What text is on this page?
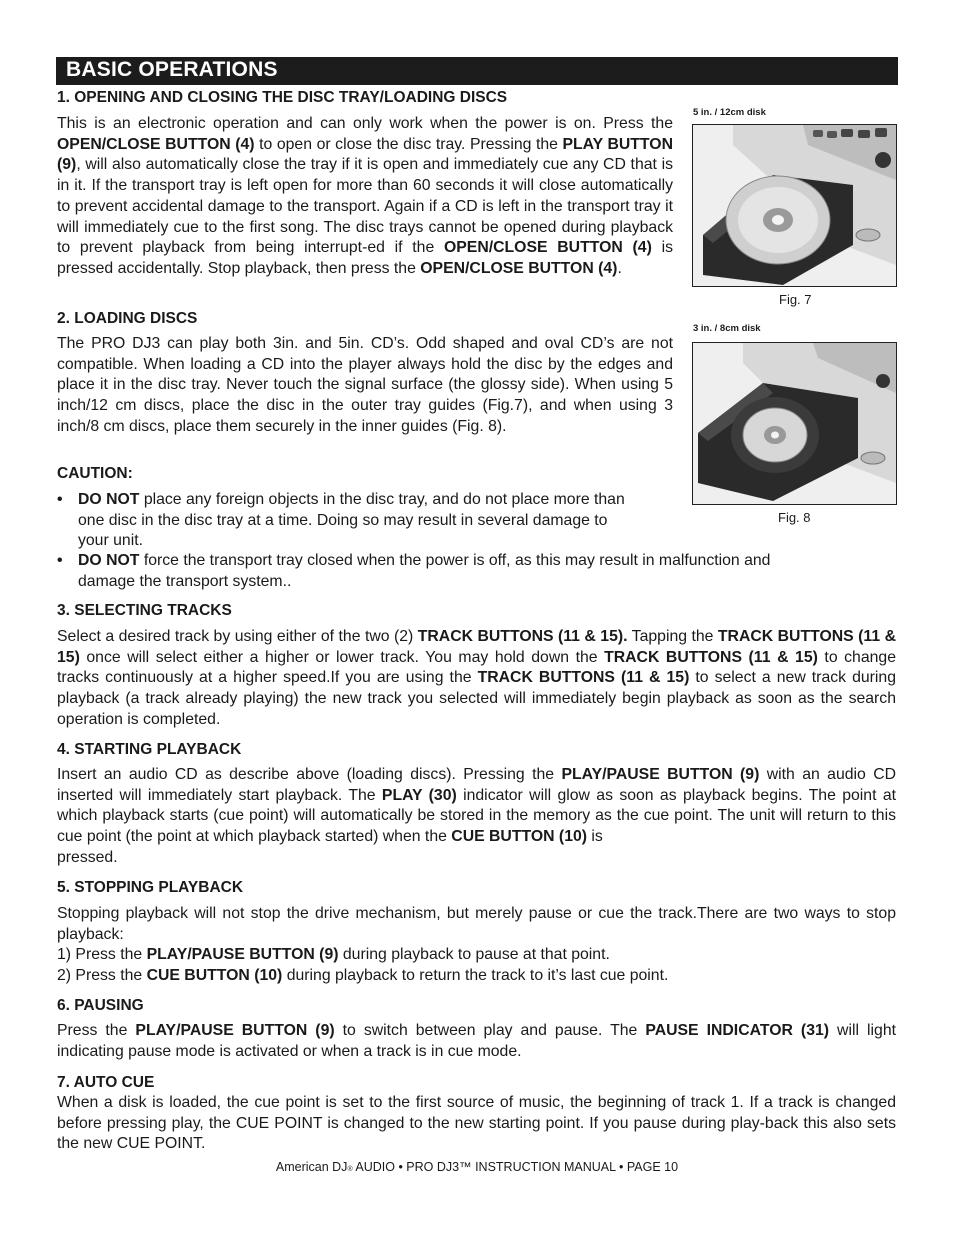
BASIC OPERATIONS
1. OPENING AND CLOSING THE DISC TRAY/LOADING DISCS

This is an electronic operation and can only work when the power is on. Press the OPEN/CLOSE BUTTON (4) to open or close the disc tray. Pressing the PLAY BUTTON (9), will also automatically close the tray if it is open and immediately cue any CD that is in it. If the transport tray is left open for more than 60 seconds it will close automatically to prevent accidental damage to the transport. Again if a CD is left in the transport tray it will immediately cue to the first song. The disc trays cannot be opened during playback to prevent playback from being interrupt-ed if the OPEN/CLOSE BUTTON (4) is pressed accidentally. Stop playback, then press the OPEN/CLOSE BUTTON (4).

2. LOADING DISCS

The PRO DJ3 can play both 3in. and 5in. CD’s. Odd shaped and oval CD’s are not compatible. When loading a CD into the player always hold the disc by the edges and place it in the disc tray. Never touch the signal surface (the glossy side). When using 5 inch/12 cm discs, place the disc in the outer tray guides (Fig.7), and when using 3 inch/8 cm discs, place them securely in the inner guides (Fig. 8).

CAUTION:
• DO NOT place any foreign objects in the disc tray, and do not place more than
one disc in the disc tray at a time. Doing so may result in several damage to
your unit.
• DO NOT force the transport tray closed when the power is off, as this may result in malfunction and
damage the transport system..
3. SELECTING TRACKS

Select a desired track by using either of the two (2) TRACK BUTTONS (11 & 15). Tapping the TRACK BUTTONS (11 & 15) once will select either a higher or lower track. You may hold down the TRACK BUTTONS (11 & 15) to change tracks continuously at a higher speed.If you are using the TRACK BUTTONS (11 & 15) to select a new track during playback (a track already playing) the new track you selected will immediately begin playback as soon as the search operation is completed.

4. STARTING PLAYBACK

Insert an audio CD as describe above (loading discs). Pressing the PLAY/PAUSE BUTTON (9) with an audio CD inserted will immediately start playback. The PLAY (30) indicator will glow as soon as playback begins. The point at which playback starts (cue point) will automatically be stored in the memory as the cue point. The unit will return to this cue point (the point at which playback started) when the CUE BUTTON (10) is
pressed.

5. STOPPING PLAYBACK

Stopping playback will not stop the drive mechanism, but merely pause or cue the track.There are two ways to stop playback:
1) Press the PLAY/PAUSE BUTTON (9) during playback to pause at that point.
2) Press the CUE BUTTON (10) during playback to return the track to it’s last cue point.

6. PAUSING

Press the PLAY/PAUSE BUTTON (9) to switch between play and pause. The PAUSE INDICATOR (31) will light indicating pause mode is activated or when a track is in cue mode.

7. AUTO CUE

When a disk is loaded, the cue point is set to the first source of music, the beginning of track 1. If a track is changed before pressing play, the CUE POINT is changed to the new starting point. If you pause during play-back this also sets the new CUE POINT.

5 in. / 12cm disk
Fig. 7
3 in. / 8cm disk
Fig. 8
American DJ® AUDIO • PRO DJ3™ INSTRUCTION MANUAL • PAGE 10
